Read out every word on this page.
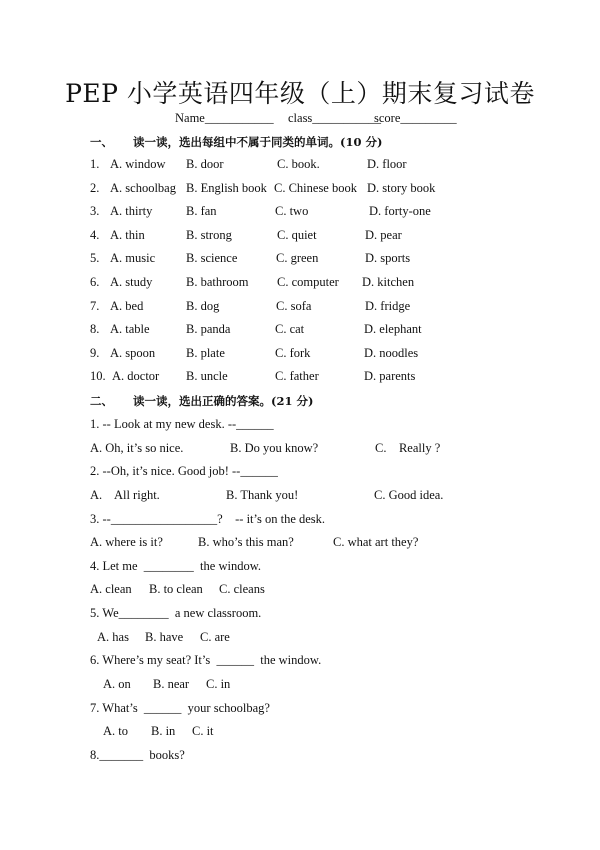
PEP 小学英语四年级（上）期末复习试卷
Name___________ class___________
score_________
一、 读一读，选出每组中不属于同类的单词。(10 分)
1. A. window B. door	C. book.	D. floor
2. A. schoolbag B. English book C. Chinese book D. story book
3. A. thirty	B. fan	C. two	D. forty-one
4. A. thin	B. strong	C. quiet	D. pear
5. A. music B. science	C. green	D. sports
6. A. study	B. bathroom C. computer D. kitchen
7. A. bed	B. dog	C. sofa	D. fridge
8. A. table	B. panda	C. cat	D. elephant
9. A. spoon B. plate	C. fork	D. noodles
10. A. doctor B. uncle	C. father	D. parents
二、 读一读，选出正确的答案。(21 分)
1. -- Look at my new desk. --______
A. Oh, it’s so nice.	B. Do you know?	C.    Really ?
2. --Oh, it’s nice. Good job! --______
A.    All right.	B. Thank you!	C. Good idea.
3. --_________________?    -- it’s on the desk.
A. where is it?	B. who’s this man?	C. what art they?
4. Let me  ________  the window.
A. clean B. to clean C. cleans
5. We________  a new classroom.
A. has B. have C. are
6. Where’s my seat? It’s  ______  the window.
A. on B. near C. in
7. What’s  ______  your schoolbag?
A. to B. in C. it
8._______  books?
